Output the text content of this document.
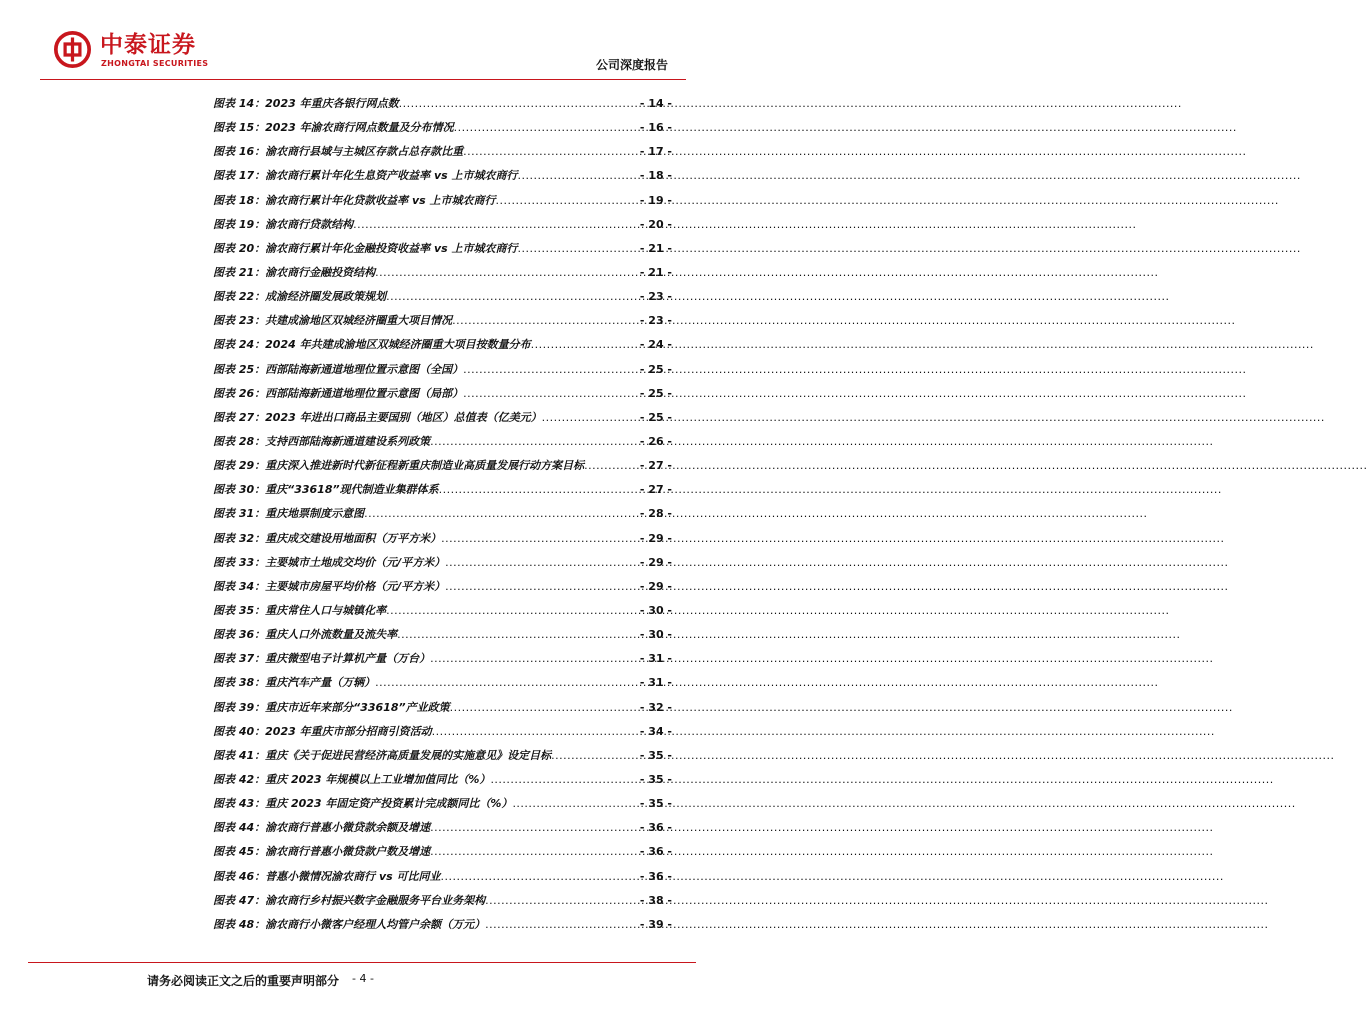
中泰证券
ZHONGTAI SECURITIES	公司深度报告
图表 14：2023 年重庆各银行网点数 .....	- 14 -
图表 15：2023 年渝农商行网点数量及分布情况 .....	- 16 -
图表 16：渝农商行县域与主城区存款占总存款比重 .....	- 17 -
图表 17：渝农商行累计年化生息资产收益率 vs 上市城农商行 .....	- 18 -
图表 18：渝农商行累计年化贷款收益率 vs 上市城农商行 .....	- 19 -
图表 19：渝农商行贷款结构 .....	- 20 -
图表 20：渝农商行累计年化金融投资收益率 vs 上市城农商行 .....	- 21 -
图表 21：渝农商行金融投资结构 .....	- 21 -
图表 22：成渝经济圈发展政策规划 .....	- 23 -
图表 23：共建成渝地区双城经济圈重大项目情况 .....	- 23 -
图表 24：2024 年共建成渝地区双城经济圈重大项目按数量分布 .....	- 24 -
图表 25：西部陆海新通道地理位置示意图（全国） .....	- 25 -
图表 26：西部陆海新通道地理位置示意图（局部） .....	- 25 -
图表 27：2023 年进出口商品主要国别（地区）总值表（亿美元） .....	- 25 -
图表 28：支持西部陆海新通道建设系列政策 .....	- 26 -
图表 29：重庆深入推进新时代新征程新重庆制造业高质量发展行动方案目标 .....	- 27 -
图表 30：重庆“33618”现代制造业集群体系 .....	- 27 -
图表 31：重庆地票制度示意图 .....	- 28 -
图表 32：重庆成交建设用地面积（万平方米） .....	- 29 -
图表 33：主要城市土地成交均价（元/平方米） .....	- 29 -
图表 34：主要城市房屋平均价格（元/平方米） .....	- 29 -
图表 35：重庆常住人口与城镇化率 .....	- 30 -
图表 36：重庆人口外流数量及流失率 .....	- 30 -
图表 37：重庆微型电子计算机产量（万台） .....	- 31 -
图表 38：重庆汽车产量（万辆） .....	- 31 -
图表 39：重庆市近年来部分“33618”产业政策 .....	- 32 -
图表 40：2023 年重庆市部分招商引资活动 .....	- 34 -
图表 41：重庆《关于促进民营经济高质量发展的实施意见》设定目标 .....	- 35 -
图表 42：重庆 2023 年规模以上工业增加值同比（%） .....	- 35 -
图表 43：重庆 2023 年固定资产投资累计完成额同比（%） .....	- 35 -
图表 44：渝农商行普惠小微贷款余额及增速 .....	- 36 -
图表 45：渝农商行普惠小微贷款户数及增速 .....	- 36 -
图表 46：普惠小微情况渝农商行 vs 可比同业 .....	- 36 -
图表 47：渝农商行乡村振兴数字金融服务平台业务架构 .....	- 38 -
图表 48：渝农商行小微客户经理人均管户余额（万元） .....	- 39 -
请务必阅读正文之后的重要声明部分 - 4 -
